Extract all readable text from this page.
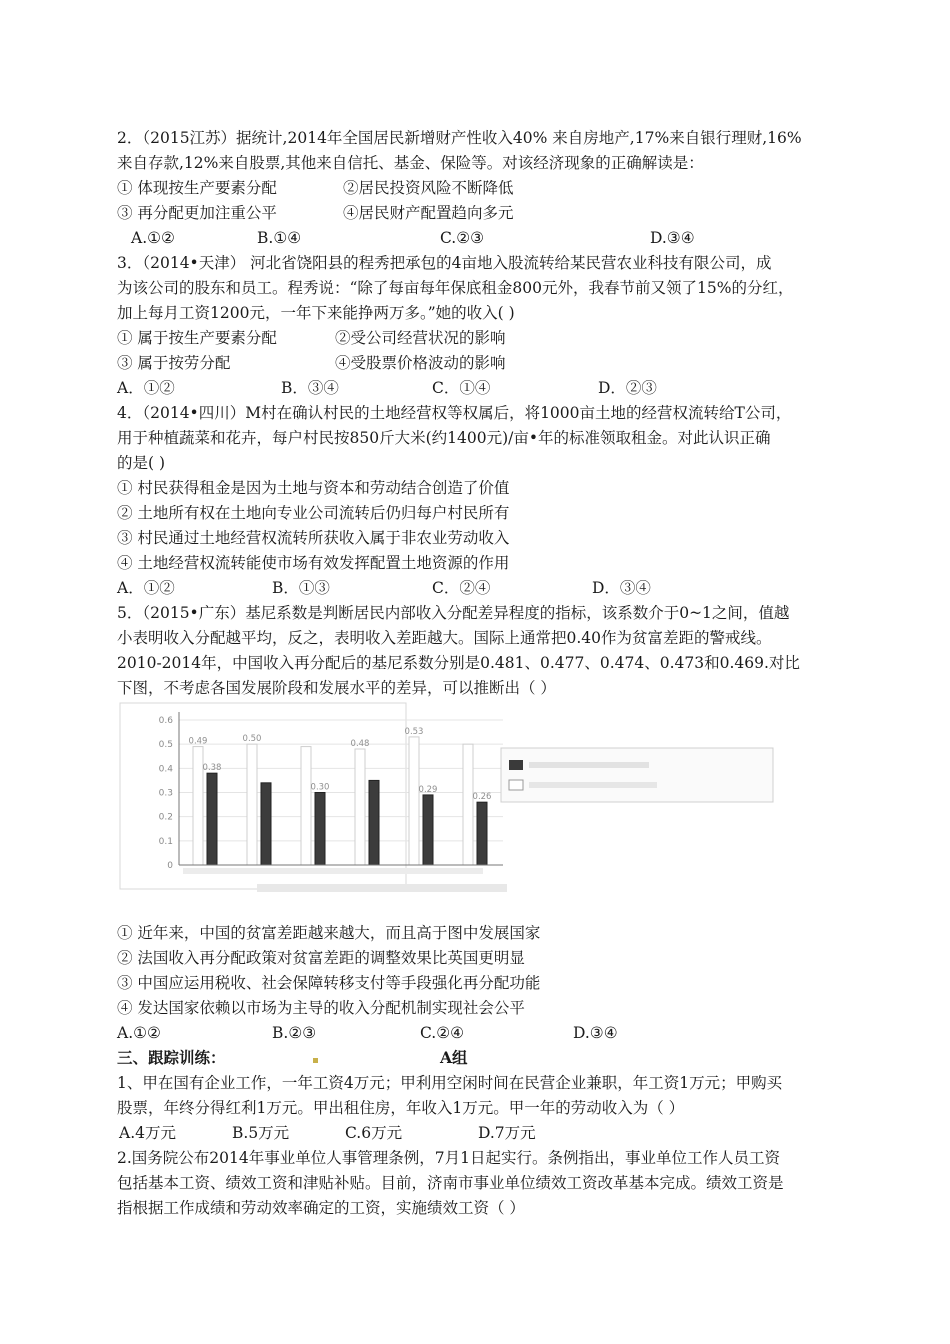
2．（2015江苏）据统计,2014年全国居民新增财产性收入40% 来自房地产,17%来自银行理财,16%
来自存款,12%来自股票,其他来自信托、基金、保险等。对该经济现象的正确解读是：
① 体现按生产要素分配	②居民投资风险不断降低
③ 再分配更加注重公平	④居民财产配置趋向多元
A.①②	B.①④	C.②③	D.③④
3．（2014•天津） 河北省饶阳县的程秀把承包的4亩地入股流转给某民营农业科技有限公司，成
为该公司的股东和员工。程秀说：“除了每亩每年保底租金800元外，我春节前又领了15%的分红，
加上每月工资1200元，一年下来能挣两万多。”她的收入( )
① 属于按生产要素分配	②受公司经营状况的影响
③ 属于按劳分配	④受股票价格波动的影响
A．①②	B．③④	C．①④	D．②③
4．（2014•四川）M村在确认村民的土地经营权等权属后，将1000亩土地的经营权流转给T公司，
用于种植蔬菜和花卉，每户村民按850斤大米(约1400元)/亩•年的标准领取租金。对此认识正确
的是( )
① 村民获得租金是因为土地与资本和劳动结合创造了价值
② 土地所有权在土地向专业公司流转后仍归每户村民所有
③ 村民通过土地经营权流转所获收入属于非农业劳动收入
④ 土地经营权流转能使市场有效发挥配置土地资源的作用
A．①②	B．①③	C．②④	D．③④
5．（2015•广东）基尼系数是判断居民内部收入分配差异程度的指标，该系数介于0~1之间，值越
小表明收入分配越平均，反之，表明收入差距越大。国际上通常把0.40作为贫富差距的警戒线。
2010-2014年，中国收入再分配后的基尼系数分别是0.481、0.477、0.474、0.473和0.469.对比
下图，不考虑各国发展阶段和发展水平的差异，可以推断出（ ）
0.49
0.38
0.50
0.30
0.48
0.53
0.29
0.26
0
0.1
0.2
0.3
0.4
0.5
0.6
① 近年来，中国的贫富差距越来越大，而且高于图中发展国家
② 法国收入再分配政策对贫富差距的调整效果比英国更明显
③ 中国应运用税收、社会保障转移支付等手段强化再分配功能
④ 发达国家依赖以市场为主导的收入分配机制实现社会公平
A.①②	B.②③	C.②④	D.③④
三、跟踪训练：	A组
1、甲在国有企业工作，一年工资4万元；甲利用空闲时间在民营企业兼职，年工资1万元；甲购买
股票，年终分得红利1万元。甲出租住房，年收入1万元。甲一年的劳动收入为（ ）
A.4万元	B.5万元	C.6万元	D.7万元
2.国务院公布2014年事业单位人事管理条例，7月1日起实行。条例指出，事业单位工作人员工资
包括基本工资、绩效工资和津贴补贴。目前，济南市事业单位绩效工资改革基本完成。绩效工资是
指根据工作成绩和劳动效率确定的工资，实施绩效工资（ ）
